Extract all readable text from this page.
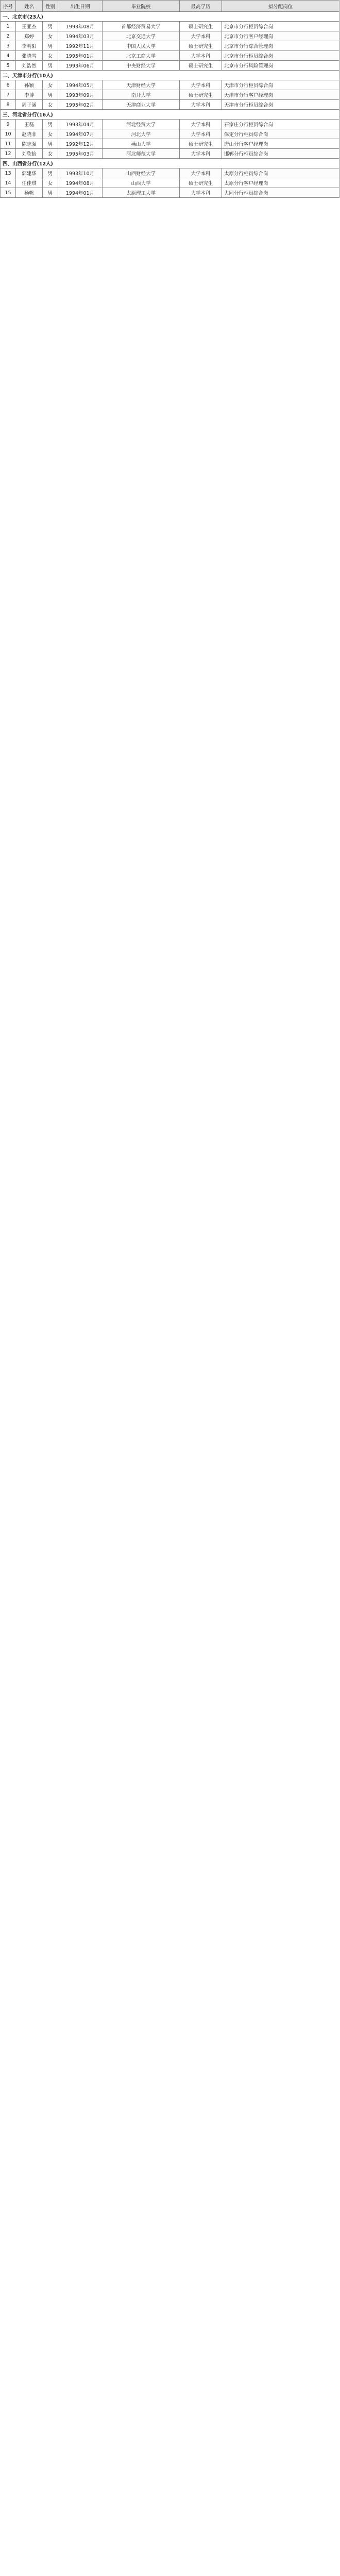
序号	姓名	性别	出生日期	毕业院校	最高学历	拟分配岗位
一、北京市(23人)						
1	王亚杰	男	1993年08月	首都经济贸易大学	硕士研究生	北京市分行柜员综合岗
2	郑婷	女	1994年03月	北京交通大学	大学本科	北京市分行客户经理岗
3	李明阳	男	1992年11月	中国人民大学	硕士研究生	北京市分行综合管理岗
4	张晓雪	女	1995年01月	北京工商大学	大学本科	北京市分行柜员综合岗
5	刘浩然	男	1993年06月	中央财经大学	硕士研究生	北京市分行风险管理岗
二、天津市分行(10人)						
6	孙颖	女	1994年05月	天津财经大学	大学本科	天津市分行柜员综合岗
7	李博	男	1993年09月	南开大学	硕士研究生	天津市分行客户经理岗
8	周子涵	女	1995年02月	天津商业大学	大学本科	天津市分行柜员综合岗
三、河北省分行(16人)						
9	王磊	男	1993年04月	河北经贸大学	大学本科	石家庄分行柜员综合岗
10	赵晓菲	女	1994年07月	河北大学	大学本科	保定分行柜员综合岗
11	陈志强	男	1992年12月	燕山大学	硕士研究生	唐山分行客户经理岗
12	刘欣怡	女	1995年03月	河北师范大学	大学本科	邯郸分行柜员综合岗
四、山西省分行(12人)						
13	郭建华	男	1993年10月	山西财经大学	大学本科	太原分行柜员综合岗
14	任佳琪	女	1994年08月	山西大学	硕士研究生	太原分行客户经理岗
15	杨帆	男	1994年01月	太原理工大学	大学本科	大同分行柜员综合岗
